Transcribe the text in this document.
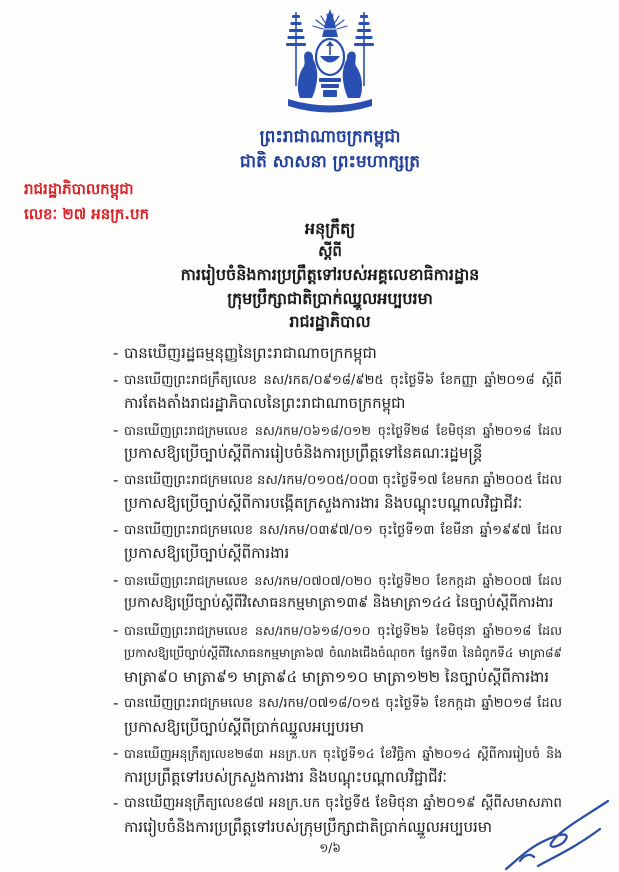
ព្រះរាជាណាចក្រកម្ពុជា
ជាតិ សាសនា ព្រះមហាក្សត្រ
រាជរដ្ឋាភិបាលកម្ពុជា
លេខៈ ២៧ អនក្រ.បក
អនុក្រឹត្យ
ស្តីពី
ការរៀបចំនិងការប្រព្រឹត្តទៅរបស់អគ្គលេខាធិការដ្ឋាន
ក្រុមប្រឹក្សាជាតិប្រាក់ឈ្នួលអប្បបរមា
រាជរដ្ឋាភិបាល
- បានឃើញរដ្ឋធម្មនុញ្ញនៃព្រះរាជាណាចក្រកម្ពុជា
- បានឃើញព្រះរាជក្រឹត្យលេខ នស/រកត/០៩១៨/៩២៥ ចុះថ្ងៃទី៦ ខែកញ្ញា ឆ្នាំ២០១៨ ស្តីពី
ការតែងតាំងរាជរដ្ឋាភិបាលនៃព្រះរាជាណាចក្រកម្ពុជា
- បានឃើញព្រះរាជក្រមលេខ នស/រកម/០៦១៨/០១២ ចុះថ្ងៃទី២៨ ខែមិថុនា ឆ្នាំ២០១៨ ដែល
ប្រកាសឱ្យប្រើច្បាប់ស្តីពីការរៀបចំនិងការប្រព្រឹត្តទៅនៃគណៈរដ្ឋមន្ត្រី
- បានឃើញព្រះរាជក្រមលេខ នស/រកម/០១០៥/០០៣ ចុះថ្ងៃទី១៧ ខែមករា ឆ្នាំ២០០៥ ដែល
ប្រកាសឱ្យប្រើច្បាប់ស្តីពីការបង្កើតក្រសួងការងារ និងបណ្តុះបណ្តាលវិជ្ជាជីវៈ
- បានឃើញព្រះរាជក្រមលេខ នស/រកម/០៣៩៧/០១ ចុះថ្ងៃទី១៣ ខែមីនា ឆ្នាំ១៩៩៧ ដែល
ប្រកាសឱ្យប្រើច្បាប់ស្តីពីការងារ
- បានឃើញព្រះរាជក្រមលេខ នស/រកម/០៧០៧/០២០ ចុះថ្ងៃទី២០ ខែកក្កដា ឆ្នាំ២០០៧ ដែល
ប្រកាសឱ្យប្រើច្បាប់ស្តីពីវិសោធនកម្មមាត្រា១៣៩ និងមាត្រា១៤៤ នៃច្បាប់ស្តីពីការងារ
- បានឃើញព្រះរាជក្រមលេខ នស/រកម/០៦១៨/០១០ ចុះថ្ងៃទី២៦ ខែមិថុនា ឆ្នាំ២០១៨ ដែល
ប្រកាសឱ្យប្រើច្បាប់ស្តីពីវិសោធនកម្មមាត្រា៦៧ ចំណងជើងចំណុចក ផ្នែកទី៣ នៃជំពូកទី៤ មាត្រា៨៩
មាត្រា៩០ មាត្រា៩១ មាត្រា៩៤ មាត្រា១១០ មាត្រា១២២ នៃច្បាប់ស្តីពីការងារ
- បានឃើញព្រះរាជក្រមលេខ នស/រកម/០៧១៨/០១៥ ចុះថ្ងៃទី៦ ខែកក្កដា ឆ្នាំ២០១៨ ដែល
ប្រកាសឱ្យប្រើច្បាប់ស្តីពីប្រាក់ឈ្នួលអប្បបរមា
- បានឃើញអនុក្រឹត្យលេខ២៨៣ អនក្រ.បក ចុះថ្ងៃទី១៤ ខែវិច្ឆិកា ឆ្នាំ២០១៤ ស្តីពីការរៀបចំ និង
ការប្រព្រឹត្តទៅរបស់ក្រសួងការងារ និងបណ្តុះបណ្តាលវិជ្ជាជីវៈ
- បានឃើញអនុក្រឹត្យលេខ៨៧ អនក្រ.បក ចុះថ្ងៃទី៥ ខែមិថុនា ឆ្នាំ២០១៩ ស្តីពីសមាសភាព
ការរៀបចំនិងការប្រព្រឹត្តទៅរបស់ក្រុមប្រឹក្សាជាតិប្រាក់ឈ្នួលអប្បបរមា
១/៦
